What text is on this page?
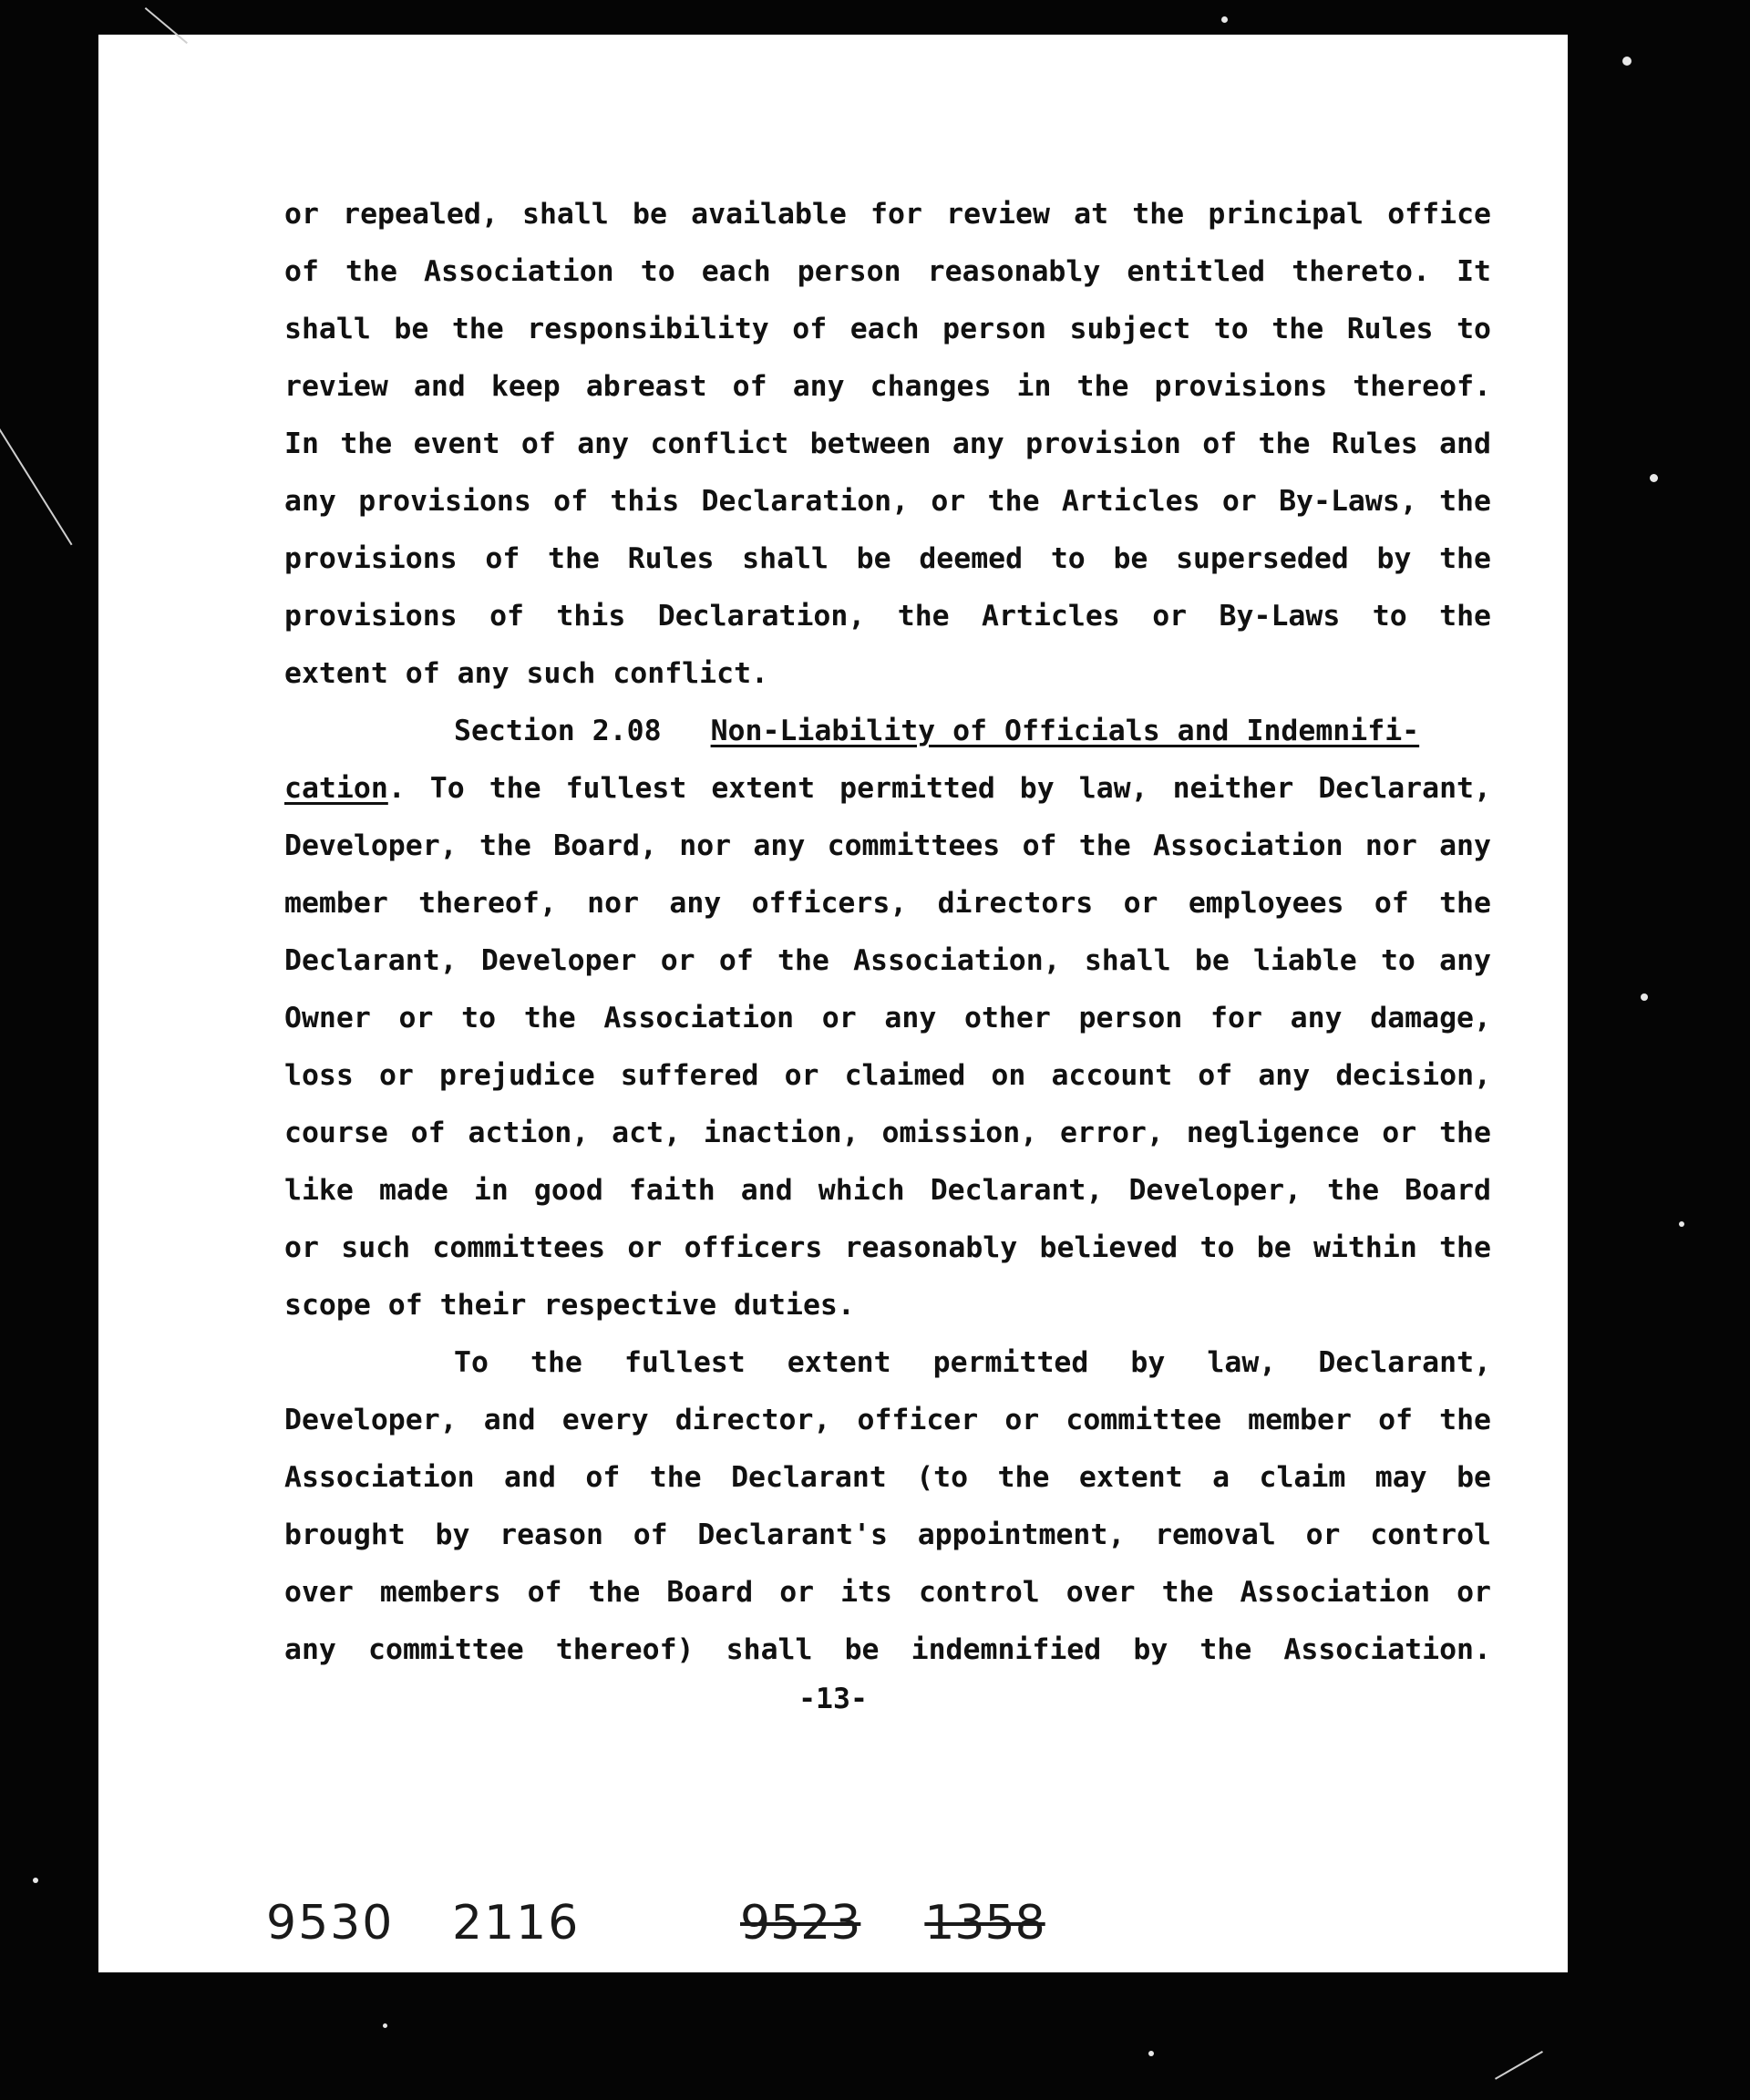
or repealed, shall be available for review at the principal office
of the Association to each person reasonably entitled thereto. It
shall be the responsibility of each person subject to the Rules to
review and keep abreast of any changes in the provisions thereof.
In the event of any conflict between any provision of the Rules and
any provisions of this Declaration, or the Articles or By-Laws, the
provisions of the Rules shall be deemed to be superseded by the
provisions of this Declaration, the Articles or By-Laws to the
extent of any such conflict.
Section 2.08 Non-Liability of Officials and Indemnifi-
cation. To the fullest extent permitted by law, neither Declarant,
Developer, the Board, nor any committees of the Association nor any
member thereof, nor any officers, directors or employees of the
Declarant, Developer or of the Association, shall be liable to any
Owner or to the Association or any other person for any damage,
loss or prejudice suffered or claimed on account of any decision,
course of action, act, inaction, omission, error, negligence or the
like made in good faith and which Declarant, Developer, the Board
or such committees or officers reasonably believed to be within the
scope of their respective duties.
To the fullest extent permitted by law, Declarant,
Developer, and every director, officer or committee member of the
Association and of the Declarant (to the extent a claim may be
brought by reason of Declarant's appointment, removal or control
over members of the Board or its control over the Association or
any committee thereof) shall be indemnified by the Association.
-13-
9530 2116	9523 1358
